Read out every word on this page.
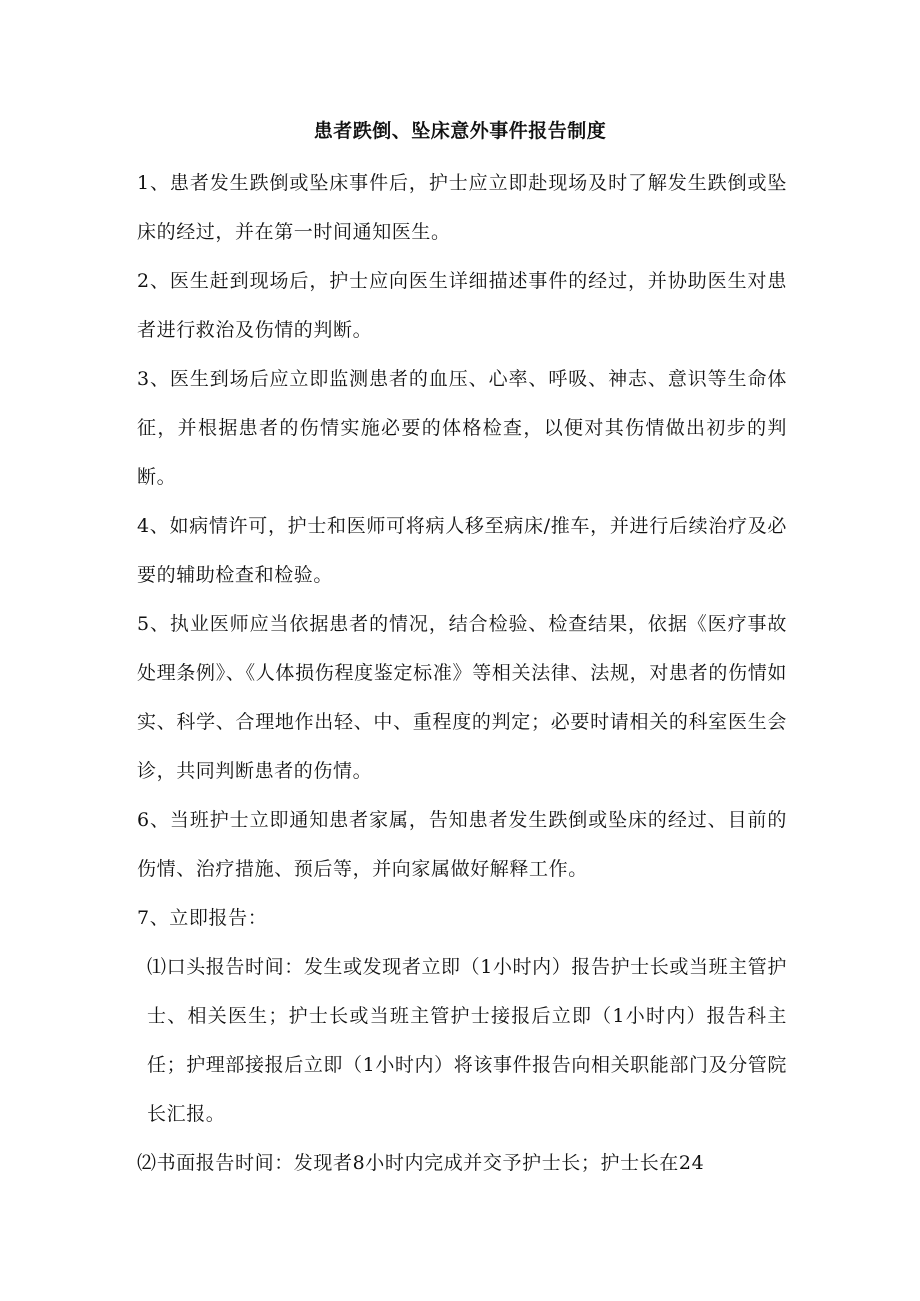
患者跌倒、坠床意外事件报告制度

1、患者发生跌倒或坠床事件后，护士应立即赴现场及时了解发生跌倒或坠床的经过，并在第一时间通知医生。

2、医生赶到现场后，护士应向医生详细描述事件的经过，并协助医生对患者进行救治及伤情的判断。

3、医生到场后应立即监测患者的血压、心率、呼吸、神志、意识等生命体征，并根据患者的伤情实施必要的体格检查，以便对其伤情做出初步的判断。

4、如病情许可，护士和医师可将病人移至病床/推车，并进行后续治疗及必要的辅助检查和检验。

5、执业医师应当依据患者的情况，结合检验、检查结果，依据《医疗事故处理条例》、《人体损伤程度鉴定标准》等相关法律、法规，对患者的伤情如实、科学、合理地作出轻、中、重程度的判定；必要时请相关的科室医生会诊，共同判断患者的伤情。

6、当班护士立即通知患者家属，告知患者发生跌倒或坠床的经过、目前的伤情、治疗措施、预后等，并向家属做好解释工作。

7、立即报告：

⑴口头报告时间：发生或发现者立即（1小时内）报告护士长或当班主管护士、相关医生；护士长或当班主管护士接报后立即（1小时内）报告科主任；护理部接报后立即（1小时内）将该事件报告向相关职能部门及分管院长汇报。

⑵书面报告时间：发现者8小时内完成并交予护士长；护士长在24
